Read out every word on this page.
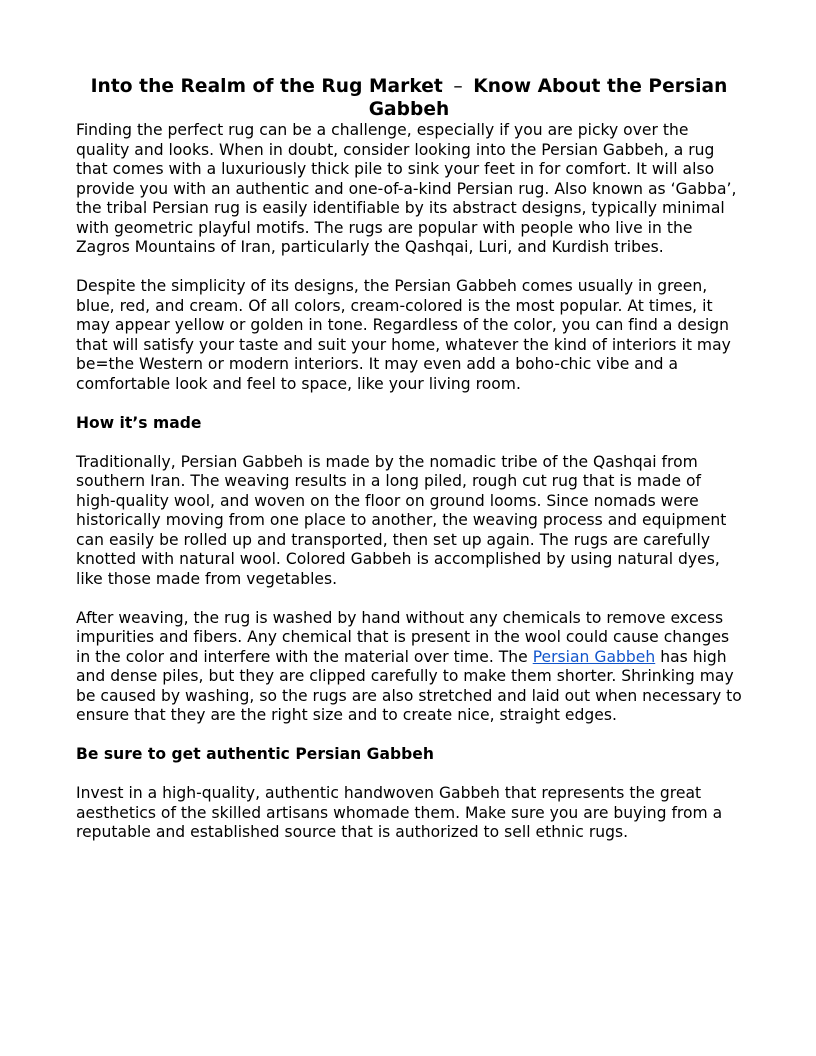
Into the Realm of the Rug Market – Know About the Persian Gabbeh

Finding the perfect rug can be a challenge, especially if you are picky over the quality and looks. When in doubt, consider looking into the Persian Gabbeh, a rug that comes with a luxuriously thick pile to sink your feet in for comfort. It will also provide you with an authentic and one-of-a-kind Persian rug. Also known as ‘Gabba’, the tribal Persian rug is easily identifiable by its abstract designs, typically minimal with geometric playful motifs. The rugs are popular with people who live in the Zagros Mountains of Iran, particularly the Qashqai, Luri, and Kurdish tribes.

Despite the simplicity of its designs, the Persian Gabbeh comes usually in green, blue, red, and cream. Of all colors, cream-colored is the most popular. At times, it may appear yellow or golden in tone. Regardless of the color, you can find a design that will satisfy your taste and suit your home, whatever the kind of interiors it may be=the Western or modern interiors. It may even add a boho-chic vibe and a comfortable look and feel to space, like your living room.

How it’s made

Traditionally, Persian Gabbeh is made by the nomadic tribe of the Qashqai from southern Iran. The weaving results in a long piled, rough cut rug that is made of high-quality wool, and woven on the floor on ground looms. Since nomads were historically moving from one place to another, the weaving process and equipment can easily be rolled up and transported, then set up again. The rugs are carefully knotted with natural wool. Colored Gabbeh is accomplished by using natural dyes, like those made from vegetables.

After weaving, the rug is washed by hand without any chemicals to remove excess impurities and fibers. Any chemical that is present in the wool could cause changes in the color and interfere with the material over time. The Persian Gabbeh has high and dense piles, but they are clipped carefully to make them shorter. Shrinking may be caused by washing, so the rugs are also stretched and laid out when necessary to ensure that they are the right size and to create nice, straight edges.

Be sure to get authentic Persian Gabbeh

Invest in a high-quality, authentic handwoven Gabbeh that represents the great aesthetics of the skilled artisans whomade them. Make sure you are buying from a reputable and established source that is authorized to sell ethnic rugs.
